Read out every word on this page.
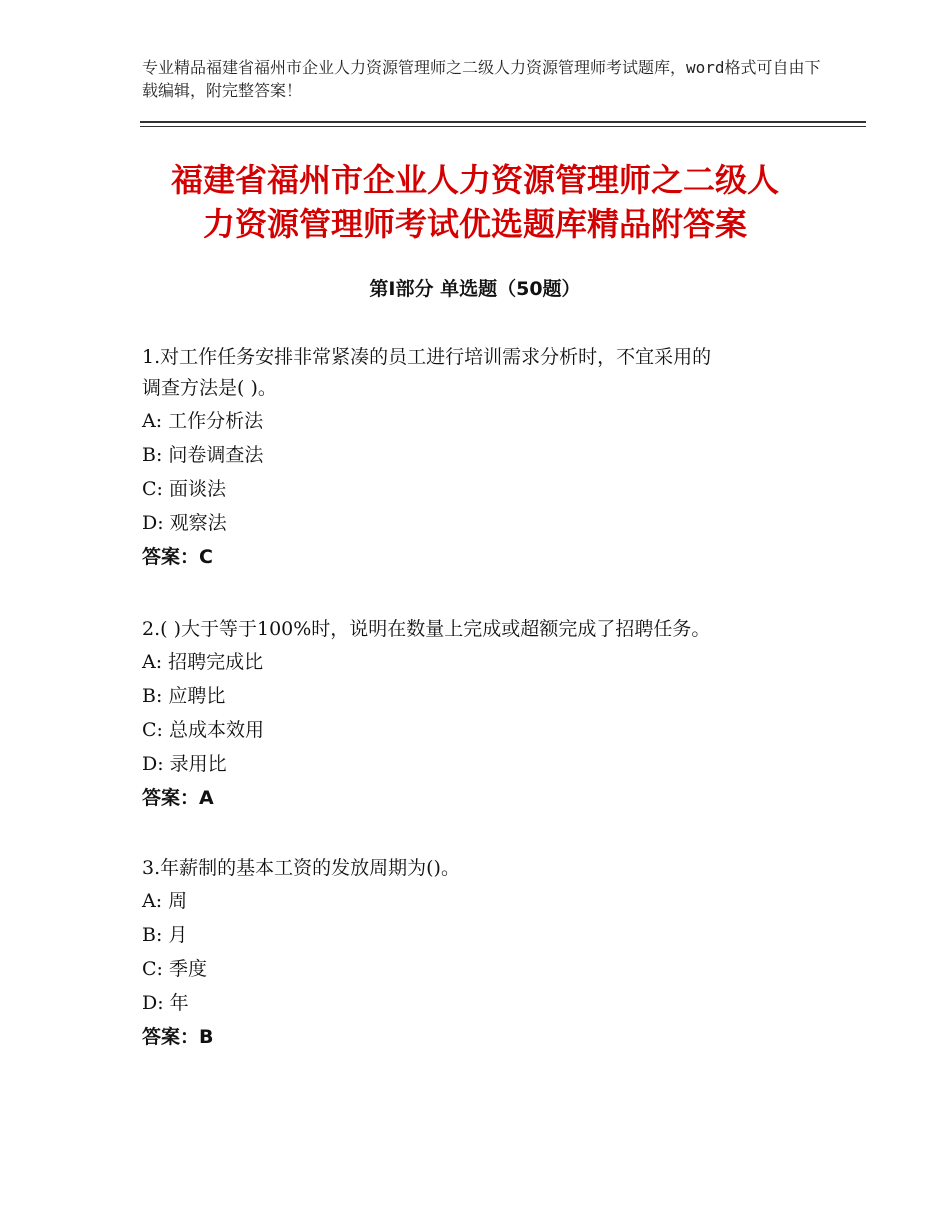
专业精品福建省福州市企业人力资源管理师之二级人力资源管理师考试题库，word格式可自由下载编辑，附完整答案！
福建省福州市企业人力资源管理师之二级人
力资源管理师考试优选题库精品附答案
第Ⅰ部分 单选题（50题）
1.对工作任务安排非常紧凑的员工进行培训需求分析时，不宜采用的
调查方法是( )。
A: 工作分析法
B: 问卷调查法
C: 面谈法
D: 观察法
答案：C
2.( )大于等于100%时，说明在数量上完成或超额完成了招聘任务。
A: 招聘完成比
B: 应聘比
C: 总成本效用
D: 录用比
答案：A
3.年薪制的基本工资的发放周期为()。
A: 周
B: 月
C: 季度
D: 年
答案：B
